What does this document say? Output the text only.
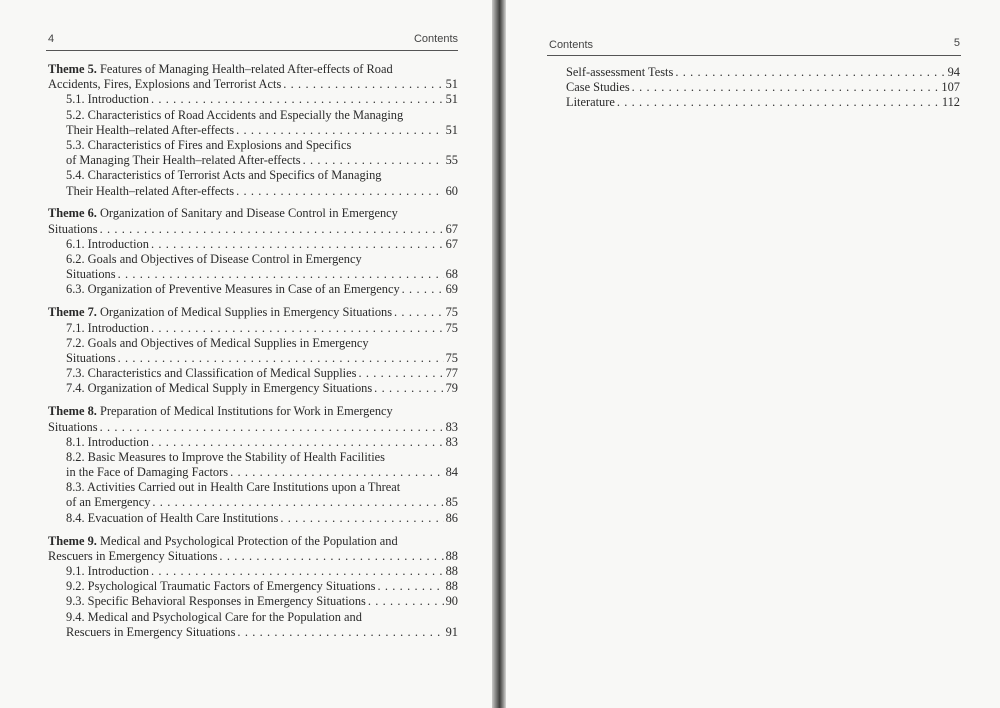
4	Contents
Theme 5. Features of Managing Health–related After-effects of Road
Accidents, Fires, Explosions and Terrorist Acts . . .	51
5.1. Introduction . . .	51
5.2. Characteristics of Road Accidents and Especially the Managing
Their Health–related After-effects . . .	51
5.3. Characteristics of Fires and Explosions and Specifics
of Managing Their Health–related After-effects . . .	55
5.4. Characteristics of Terrorist Acts and Specifics of Managing
Their Health–related After-effects . . .	60
Theme 6. Organization of Sanitary and Disease Control in Emergency
Situations . . .	67
6.1. Introduction . . .	67
6.2. Goals and Objectives of Disease Control in Emergency
Situations . . .	68
6.3. Organization of Preventive Measures in Case of an Emergency . . .	69
Theme 7.
Organization of Medical Supplies in Emergency Situations . . .	75
7.1. Introduction . . .	75
7.2. Goals and Objectives of Medical Supplies in Emergency
Situations . . .	75
7.3. Characteristics and Classification of Medical Supplies . . .	77
7.4. Organization of Medical Supply in Emergency Situations . . .	79
Theme 8. Preparation of Medical Institutions for Work in Emergency
Situations . . .	83
8.1. Introduction . . .	83
8.2. Basic Measures to Improve the Stability of Health Facilities
in the Face of Damaging Factors . . .	84
8.3. Activities Carried out in Health Care Institutions upon a Threat
of an Emergency . . .	85
8.4. Evacuation of Health Care Institutions . . .	86
Theme 9. Medical and Psychological Protection of the Population and
Rescuers in Emergency Situations . . .	88
9.1. Introduction . . .	88
9.2. Psychological Traumatic Factors of Emergency Situations . . .	88
9.3. Specific Behavioral Responses in Emergency Situations . . .	90
9.4. Medical and Psychological Care for the Population and
Rescuers in Emergency Situations . . .	91
Contents	5
Self-assessment Tests . . .	94
Case Studies . . .	107
Literature . . .	112
